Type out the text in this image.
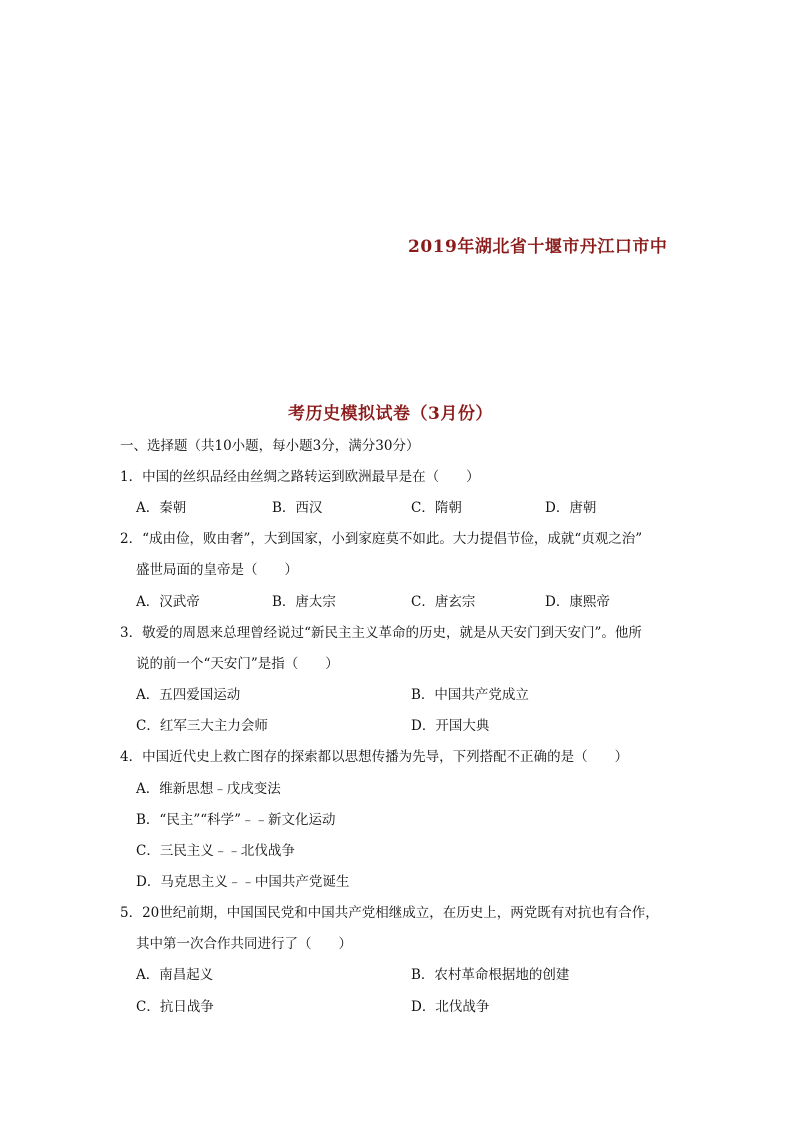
2019年湖北省十堰市丹江口市中
考历史模拟试卷（3月份）
一、选择题（共10小题，每小题3分，满分30分）
1．中国的丝织品经由丝绸之路转运到欧洲最早是在（　　）
A．秦朝	B．西汉	C．隋朝	D．唐朝
2．“成由俭，败由奢”，大到国家，小到家庭莫不如此。大力提倡节俭，成就“贞观之治”
盛世局面的皇帝是（　　）
A．汉武帝	B．唐太宗	C．唐玄宗	D．康熙帝
3．敬爱的周恩来总理曾经说过“新民主主义革命的历史，就是从天安门到天安门”。他所
说的前一个“天安门”是指（　　）
A．五四爱国运动	B．中国共产党成立
C．红军三大主力会师	D．开国大典
4．中国近代史上救亡图存的探索都以思想传播为先导，下列搭配不正确的是（　　）
A．维新思想﹣戊戌变法
B．“民主”“科学”﹣﹣新文化运动
C．三民主义﹣﹣北伐战争
D．马克思主义﹣﹣中国共产党诞生
5．20世纪前期，中国国民党和中国共产党相继成立，在历史上，两党既有对抗也有合作，
其中第一次合作共同进行了（　　）
A．南昌起义	B．农村革命根据地的创建
C．抗日战争	D．北伐战争
